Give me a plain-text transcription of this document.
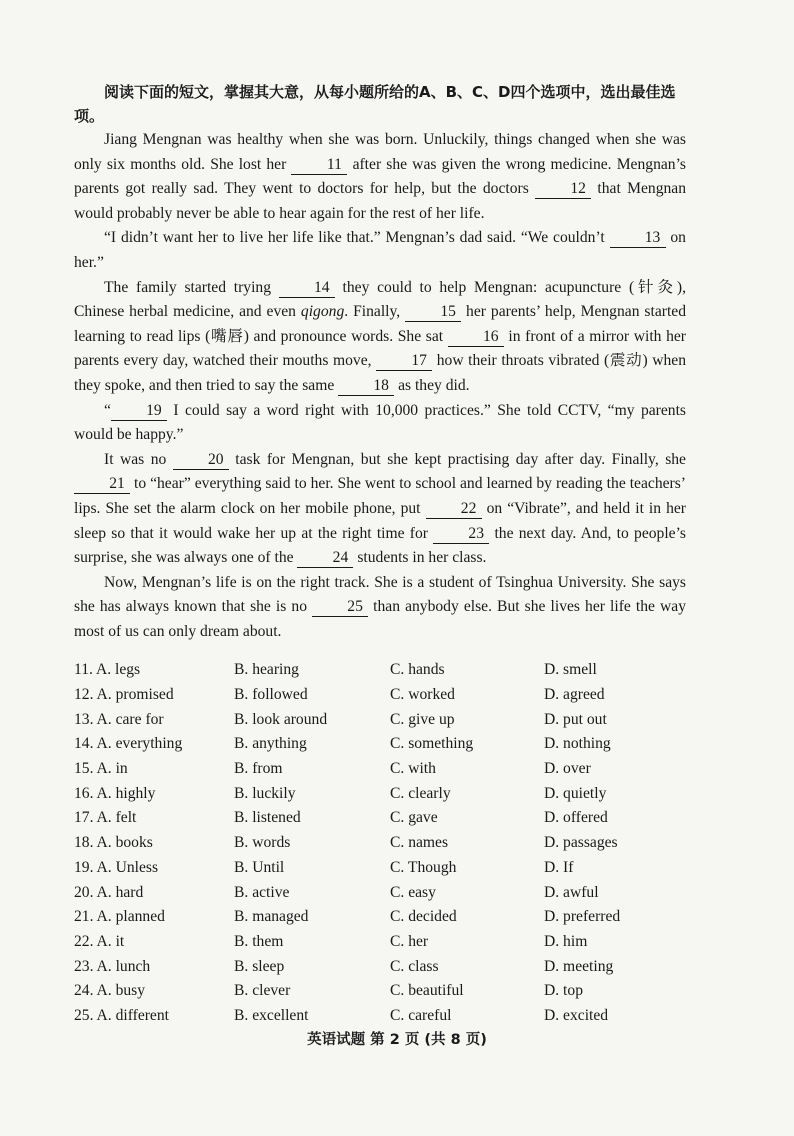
阅读下面的短文，掌握其大意，从每小题所给的A、B、C、D四个选项中，选出最佳选项。

Jiang Mengnan was healthy when she was born. Unluckily, things changed when she was only six months old. She lost her 11 after she was given the wrong medicine. Mengnan’s parents got really sad. They went to doctors for help, but the doctors 12 that Mengnan would probably never be able to hear again for the rest of her life.

“I didn’t want her to live her life like that.” Mengnan’s dad said. “We couldn’t 13 on her.”

The family started trying 14 they could to help Mengnan: acupuncture (针灸), Chinese herbal medicine, and even qigong. Finally, 15 her parents’ help, Mengnan started learning to read lips (嘴唇) and pronounce words. She sat 16 in front of a mirror with her parents every day, watched their mouths move, 17 how their throats vibrated (震动) when they spoke, and then tried to say the same 18 as they did.

“ 19 I could say a word right with 10,000 practices.” She told CCTV, “my parents would be happy.”

It was no 20 task for Mengnan, but she kept practising day after day. Finally, she 21 to “hear” everything said to her. She went to school and learned by reading the teachers’ lips. She set the alarm clock on her mobile phone, put 22 on “Vibrate”, and held it in her sleep so that it would wake her up at the right time for 23 the next day. And, to people’s surprise, she was always one of the 24 students in her class.

Now, Mengnan’s life is on the right track. She is a student of Tsinghua University. She says she has always known that she is no 25 than anybody else. But she lives her life the way most of us can only dream about.

11. A. legs	B. hearing	C. hands	D. smell
12. A. promised	B. followed	C. worked	D. agreed
13. A. care for	B. look around	C. give up	D. put out
14. A. everything	B. anything	C. something	D. nothing
15. A. in	B. from	C. with	D. over
16. A. highly	B. luckily	C. clearly	D. quietly
17. A. felt	B. listened	C. gave	D. offered
18. A. books	B. words	C. names	D. passages
19. A. Unless	B. Until	C. Though	D. If
20. A. hard	B. active	C. easy	D. awful
21. A. planned	B. managed	C. decided	D. preferred
22. A. it	B. them	C. her	D. him
23. A. lunch	B. sleep	C. class	D. meeting
24. A. busy	B. clever	C. beautiful	D. top
25. A. different	B. excellent	C. careful	D. excited
英语试题 第 2 页 (共 8 页)
